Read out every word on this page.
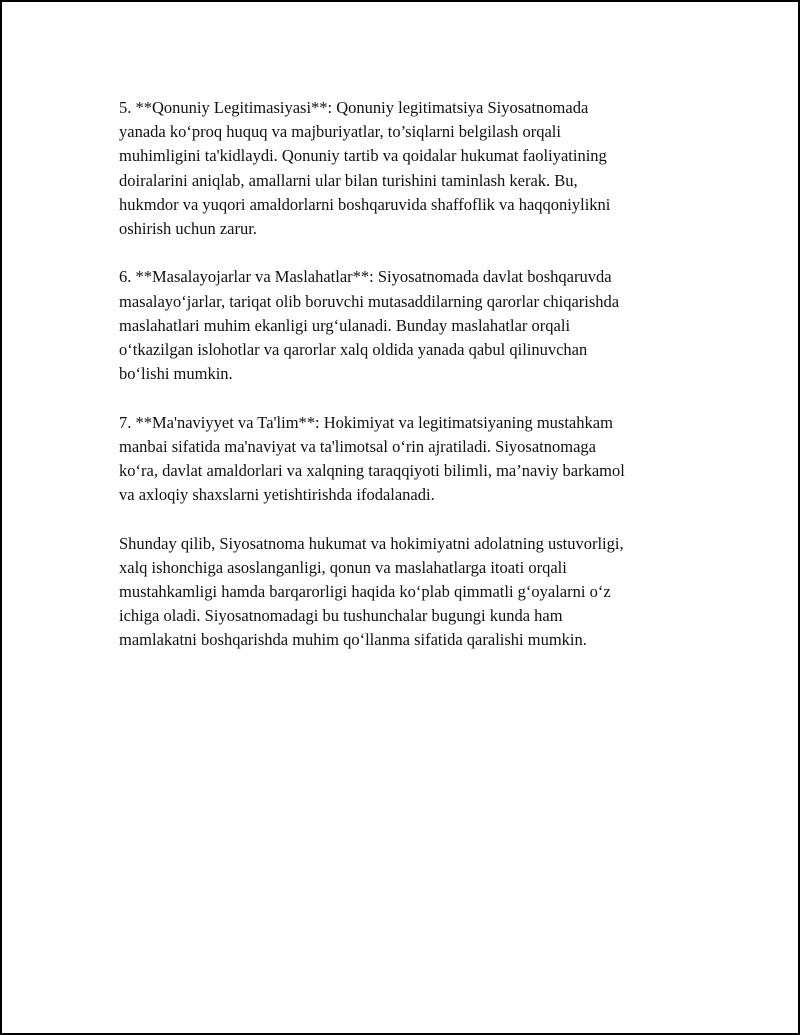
5. **Qonuniy Legitimasiyasi**: Qonuniy legitimatsiya Siyosatnomada
yanada ko‘proq huquq va majburiyatlar, to’siqlarni belgilash orqali
muhimligini ta'kidlaydi. Qonuniy tartib va qoidalar hukumat faoliyatining
doiralarini aniqlab, amallarni ular bilan turishini taminlash kerak. Bu,
hukmdor va yuqori amaldorlarni boshqaruvida shaffoflik va haqqoniylikni
oshirish uchun zarur.

6. **Masalayojarlar va Maslahatlar**: Siyosatnomada davlat boshqaruvda
masalayo‘jarlar, tariqat olib boruvchi mutasaddilarning qarorlar chiqarishda
maslahatlari muhim ekanligi urg‘ulanadi. Bunday maslahatlar orqali
o‘tkazilgan islohotlar va qarorlar xalq oldida yanada qabul qilinuvchan
bo‘lishi mumkin.

7. **Ma'naviyyet va Ta'lim**: Hokimiyat va legitimatsiyaning mustahkam
manbai sifatida ma'naviyat va ta'limotsal o‘rin ajratiladi. Siyosatnomaga
ko‘ra, davlat amaldorlari va xalqning taraqqiyoti bilimli, ma’naviy barkamol
va axloqiy shaxslarni yetishtirishda ifodalanadi.

Shunday qilib, Siyosatnoma hukumat va hokimiyatni adolatning ustuvorligi,
xalq ishonchiga asoslanganligi, qonun va maslahatlarga itoati orqali
mustahkamligi hamda barqarorligi haqida ko‘plab qimmatli g‘oyalarni o‘z
ichiga oladi. Siyosatnomadagi bu tushunchalar bugungi kunda ham
mamlakatni boshqarishda muhim qo‘llanma sifatida qaralishi mumkin.
